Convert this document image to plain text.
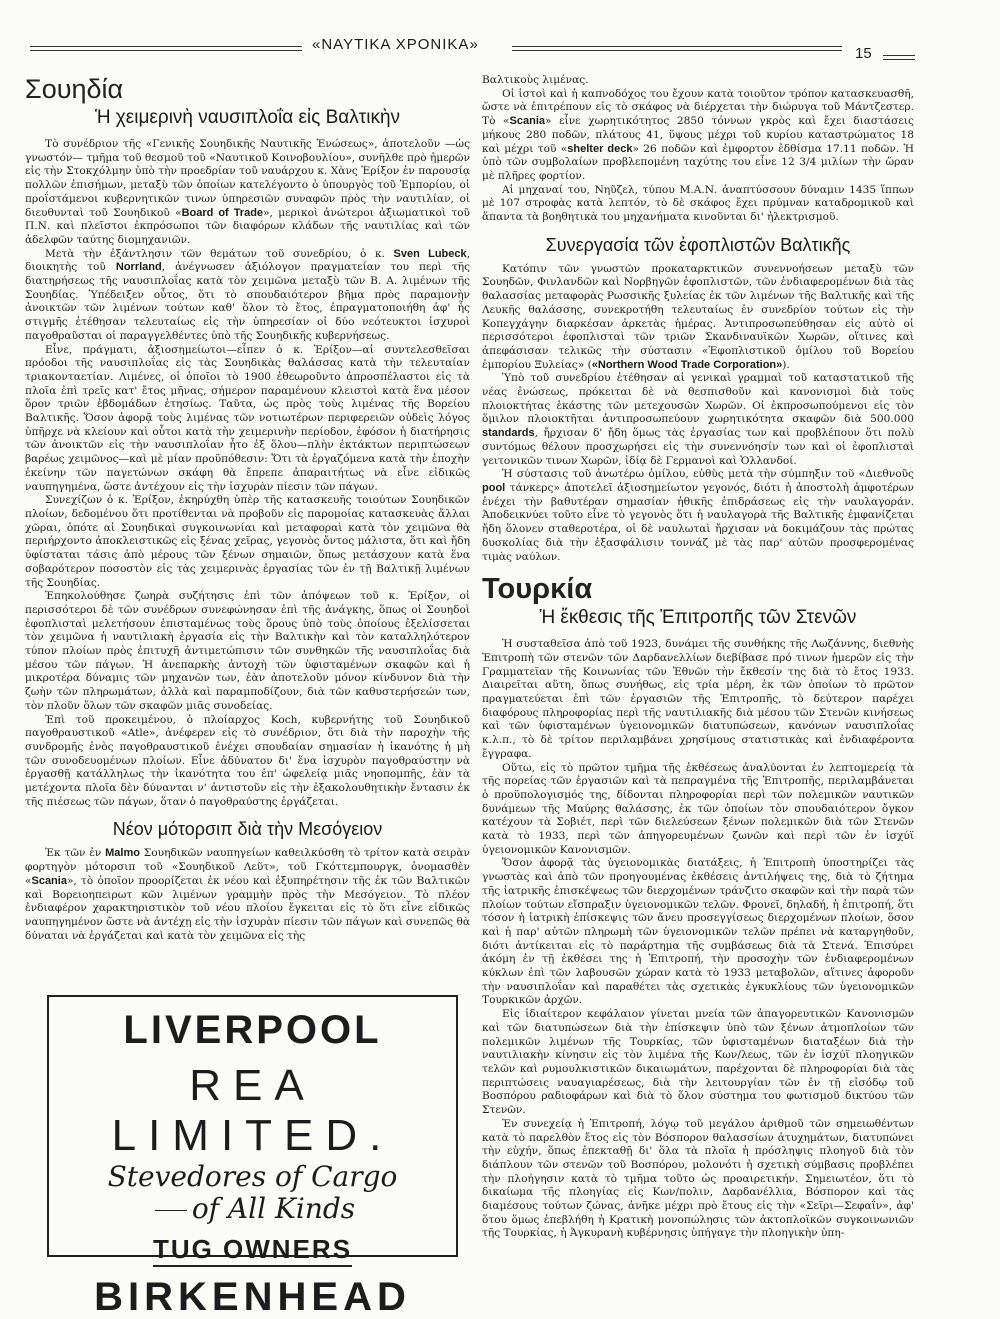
«ΝΑΥΤΙΚΑ ΧΡΟΝΙΚΑ»
15
Σουηδία
Ἡ χειμερινὴ ναυσιπλοΐα εἰς Βαλτικὴν

Τὸ συνέδριον τῆς «Γενικῆς Σουηδικῆς Ναυτικῆς Ἑνώσεως», ἀποτελοῦν —ὡς γνωστόν— τμῆμα τοῦ θεσμοῦ τοῦ «Ναυτικοῦ Κοινοβουλίου», συνῆλθε πρὸ ἡμερῶν εἰς τὴν Στοκχόλμην ὑπὸ τὴν προεδρίαν τοῦ ναυάρχου κ. Χὰνς Ἐρίξον ἐν παρουσίᾳ πολλῶν ἐπισήμων, μεταξὺ τῶν ὁποίων κατελέγοντο ὁ ὑπουργὸς τοῦ Ἐμπορίου, οἱ προΐστάμενοι κυβερνητικῶν τινων ὑπηρεσιῶν συναφῶν πρὸς τὴν ναυτιλίαν, οἱ διευθυνταὶ τοῦ Σουηδικοῦ «Board of Trade», μερικοὶ ἀνώτεροι ἀξιωματικοὶ τοῦ Π.Ν. καὶ πλεῖστοι ἐκπρόσωποι τῶν διαφόρων κλάδων τῆς ναυτιλίας καὶ τῶν ἀδελφῶν ταύτης διομηχανιῶν.

Μετὰ τὴν ἐξάντλησιν τῶν θεμάτων τοῦ συνεδρίου, ὁ κ. Sven Lubeck, διοικητὴς τοῦ Norrland, ἀνέγνωσεν ἀξιόλογον πραγματείαν του περὶ τῆς διατηρήσεως τῆς ναυσιπλοΐας κατὰ τὸν χειμῶνα μεταξὺ τῶν Β. Α. λιμένων τῆς Σουηδίας. Ὑπέδειξεν οὗτος, ὅτι τὸ σπουδαιότερον βῆμα πρὸς παραμονὴν ἀνοικτῶν τῶν λιμένων τούτων καθ' ὅλον τὸ ἔτος, ἐπραγματοποιήθη ἀφ' ἧς στιγμῆς ἐτέθησαν τελευταίως εἰς τὴν ὑπηρεσίαν οἱ δύο νεότευκτοι ἰσχυροὶ παγοθραῦσται οἱ παραγγελθέντες ὑπὸ τῆς Σουηδικῆς κυβερνήσεως.

Εἶνε, πράγματι, ἀξιοσημείωτοι—εἶπεν ὁ κ. Ἐρίξον—αἱ συντελεσθεῖσαι πρόοδοι τῆς ναυσιπλοΐας εἰς τὰς Σουηδικὰς θαλάσσας κατὰ τὴν τελευταίαν τριακονταετίαν. Λιμένες, οἱ ὁποῖοι τὸ 1900 ἐθεωροῦντο ἀπροσπέλαστοι εἰς τὰ πλοῖα ἐπὶ τρεῖς κατ' ἔτος μῆνας, σήμερον παραμένουν κλειστοὶ κατὰ ἕνα μέσον ὅρον τριῶν ἑβδομάδων ἐτησίως. Ταῦτα, ὡς πρὸς τοὺς λιμένας τῆς Βορείου Βαλτικῆς. Ὅσον ἀφορᾷ τοὺς λιμένας τῶν νοτιωτέρων περιφερειῶν οὐδεὶς λόγος ὑπῆρχε νὰ κλείουν καὶ οὗτοι κατὰ τὴν χειμερινὴν περίοδον, ἐφόσον ἡ διατήρησις τῶν ἀνοικτῶν εἰς τὴν ναυσιπλοΐαν ἦτο ἐξ ὅλου—πλὴν ἐκτάκτων περιπτώσεων βαρέως χειμῶνος—καὶ μὲ μίαν προϋπόθεσιν: Ὅτι τὰ ἐργαζόμενα κατὰ τὴν ἐποχὴν ἐκείνην τῶν παγετώνων σκάφη θὰ ἔπρεπε ἀπαραιτήτως νὰ εἶνε εἰδικῶς ναυπηγημένα, ὥστε ἀντέχουν εἰς τὴν ἰσχυρὰν πίεσιν τῶν πάγων.

Συνεχίζων ὁ κ. Ἐρίξον, ἐκηρύχθη ὑπὲρ τῆς κατασκευῆς τοιούτων Σουηδικῶν πλοίων, δεδομένου ὅτι προτίθενται νὰ προβοῦν εἰς παρομοίας κατασκευὰς ἄλλαι χῶραι, ὁπότε αἱ Σουηδικαὶ συγκοινωνίαι καὶ μεταφοραὶ κατὰ τὸν χειμῶνα θὰ περιήρχοντο ἀποκλειστικῶς εἰς ξένας χεῖρας, γεγονὸς ὄντος μάλιστα, ὅτι καὶ ἤδη ὑφίσταται τάσις ἀπὸ μέρους τῶν ξένων σημαιῶν, ὅπως μετάσχουν κατὰ ἕνα σοβαρότερον ποσοστὸν εἰς τὰς χειμερινὰς ἐργασίας τῶν ἐν τῇ Βαλτικῇ λιμένων τῆς Σουηδίας.

Ἐπηκολούθησε ζωηρὰ συζήτησις ἐπὶ τῶν ἀπόψεων τοῦ κ. Ἐρίξον, οἱ περισσότεροι δὲ τῶν συνέδρων συνεφώνησαν ἐπὶ τῆς ἀνάγκης, ὅπως οἱ Σουηδοὶ ἐφοπλισταὶ μελετήσουν ἐπισταμένως τοὺς ὅρους ὑπὸ τοὺς ὁποίους ἐξελίσσεται τὸν χειμῶνα ἡ ναυτιλιακὴ ἐργασία εἰς τὴν Βαλτικὴν καὶ τὸν καταλληλότερον τύπον πλοίων πρὸς ἐπιτυχῆ ἀντιμετώπισιν τῶν συνθηκῶν τῆς ναυσιπλοΐας διὰ μέσου τῶν πάγων. Ἡ ἀνεπαρκὴς ἀντοχὴ τῶν ὑφισταμένων σκαφῶν καὶ ἡ μικροτέρα δύναμις τῶν μηχανῶν των, ἐὰν ἀποτελοῦν μόνον κίνδυνον διὰ τὴν ζωὴν τῶν πληρωμάτων, ἀλλὰ καὶ παραμποδίζουν, διὰ τῶν καθυστερήσεών των, τὸν πλοῦν ὅλων τῶν σκαφῶν μιᾶς συνοδείας.

Ἐπὶ τοῦ προκειμένου, ὁ πλοίαρχος Koch, κυβερνήτης τοῦ Σουηδικοῦ παγοθραυστικοῦ «Atle», ἀνέφερεν εἰς τὸ συνέδριον, ὅτι διὰ τὴν παροχὴν τῆς συνδρομῆς ἑνὸς παγοθραυστικοῦ ἐνέχει σπουδαίαν σημασίαν ἡ ἱκανότης ἡ μὴ τῶν συνοδευομένων πλοίων. Εἶνε ἀδύνατον δι' ἕνα ἰσχυρὸν παγοθραύστην νὰ ἐργασθῇ κατάλληλως τὴν ἱκανότητα του ἐπ' ὠφελείᾳ μιᾶς νηοπομπῆς, ἐὰν τὰ μετέχοντα πλοῖα δὲν δύνανται ν' ἀντιστοῦν εἰς τὴν ἐξακολουθητικὴν ἔντασιν ἐκ τῆς πιέσεως τῶν πάγων, ὅταν ὁ παγοθραύστης ἐργάζεται.

Νέον μότορσιπ διὰ τὴν Μεσόγειον

Ἐκ τῶν ἐν Malmo Σουηδικῶν ναυπηγείων καθειλκύσθη τὸ τρίτον κατὰ σειρὰν φορτηγὸν μότορσιπ τοῦ «Σουηδικοῦ Λεῦτ», τοῦ Γκόττεμπουργκ, ὀνομασθὲν «Scania», τὸ ὁποῖον προορίζεται ἐκ νέου καὶ ἐξυπηρέτησιν τῆς ἐκ τῶν Βαλτικῶν καὶ Βορειοηπειρωτ κῶν λιμένων γραμμὴν πρὸς τὴν Μεσόγειον. Τὸ πλέον ἐνδιαφέρον χαρακτηριστικὸν τοῦ νέου πλοίου ἔγκειται εἰς τὸ ὅτι εἶνε εἰδικῶς ναυπηγημένον ὥστε νὰ ἀντέχῃ εἰς τὴν ἰσχυρὰν πίεσιν τῶν πάγων καὶ συνεπῶς θὰ δύναται νὰ ἐργάζεται καὶ κατὰ τὸν χειμῶνα εἰς τὴς

LIVERPOOL
REA LIMITED.
Stevedores of Cargo
of All Kinds
TUG OWNERS
BIRKENHEAD

Βαλτικοὺς λιμένας.

Οἱ ἱστοὶ καὶ ἡ καπνοδόχος του ἔχουν κατὰ τοιοῦτον τρόπον κατασκευασθῆ, ὥστε νὰ ἐπιτρέπουν εἰς τὸ σκάφος νὰ διέρχεται τὴν διώρυγα τοῦ Μάντζεστερ. Τὸ «Scania» εἶνε χωρητικότητος 2850 τόννων γκρὸς καὶ ἔχει διαστάσεις μήκους 280 ποδῶν, πλάτους 41, ὕψους μέχρι τοῦ κυρίου καταστρώματος 18 καὶ μέχρι τοῦ «shelter deck» 26 ποδῶν καὶ ἐμφορτον ἐδθίσμα 17.11 ποδῶν. Ἡ ὑπὸ τῶν συμβολαίων προβλεπομένη ταχύτης του εἶνε 12 3/4 μιλίων τὴν ὥραν μὲ πλῆρες φορτίον.

Αἱ μηχαναί του, Νηῦζελ, τύπου Μ.Α.Ν. ἀναπτύσσουν δύναμιν 1435 ἵππων μὲ 107 στροφὰς κατὰ λεπτόν, τὸ δὲ σκάφος ἔχει πρύμναν καταδρομικοῦ καὶ ἅπαντα τὰ βοηθητικὰ του μηχανήματα κινοῦνται δι' ἠλεκτρισμοῦ.

Συνεργασία τῶν ἐφοπλιστῶν Βαλτικῆς

Κατόπιν τῶν γνωστῶν προκαταρκτικῶν συνεννοήσεων μεταξὺ τῶν Σουηδῶν, Φινλανδῶν καὶ Νορβηγῶν ἐφοπλιστῶν, τῶν ἐνδιαφερομένων διὰ τὰς θαλασσίας μεταφορὰς Ρωσσικῆς ξυλείας ἐκ τῶν λιμένων τῆς Βαλτικῆς καὶ τῆς Λευκῆς θαλάσσης, συνεκροτήθη τελευταίως ἐν συνεδρίον τούτων εἰς τὴν Κοπεγχάγην διαρκέσαν ἀρκετὰς ἡμέρας. Ἀντιπροσωπεύθησαν εἰς αὐτὸ οἱ περισσότεροι ἐφοπλισταὶ τῶν τριῶν Σκανδιναυϊκῶν Χωρῶν, οἵτινες καὶ ἀπεφάσισαν τελικῶς τὴν σύστασιν «Ἐφοπλιστικοῦ ὁμίλου τοῦ Βορείου ἐμπορίου Ξυλείας» («Northern Wood Trade Corporation»).

Ὑπὸ τοῦ συνεδρίου ἐτέθησαν αἱ γενικαὶ γραμμαὶ τοῦ καταστατικοῦ τῆς νέας ἑνώσεως, πρόκειται δὲ νὰ θεσπισθοῦν καὶ κανονισμοὶ διὰ τοὺς πλοιοκτήτας ἑκάστης τῶν μετεχουσῶν Χωρῶν. Οἱ ἐκπροσωπούμενοι εἰς τὸν ὅμιλον πλοιοκτῆται ἀντιπροσωπεύουν χωρητικότητα σκαφῶν διὰ 500.000 standards, ἤρχισαν δ' ἤδη ὅμως τὰς ἐργασίας των καὶ προβλέπουν ὅτι πολὺ συντόμως θέλουν προσχωρήσει εἰς τὴν συνεννόησίν των καὶ οἱ ἐφοπλισταὶ γειτονικῶν τινων Χωρῶν, ἰδίᾳ δὲ Γερμανοὶ καὶ Ὁλλανδοί.

Ἡ σύστασις τοῦ ἀνωτέρω ὁμίλου, εὐθὺς μετὰ τὴν σύμπηξιν τοῦ «Διεθνοῦς pool τάνκερς» ἀποτελεῖ ἀξιοσημείωτον γεγονός, διότι ἡ ἀποστολὴ ἀμφοτέρων ἐνέχει τὴν βαθυτέραν σημασίαν ἠθικῆς ἐπιδράσεως εἰς τὴν ναυλαγοράν. Ἀποδεικνύει τοῦτο εἶνε τὸ γεγονὸς ὅτι ἡ ναυλαγορὰ τῆς Βαλτικῆς ἐμφανίζεται ἤδη ὅλονεν σταθεροτέρα, οἱ δὲ ναυλωταὶ ἤρχισαν νὰ δοκιμάζουν τὰς πρώτας δυσκολίας διὰ τὴν ἐξασφάλισιν τοννάζ μὲ τὰς παρ' αὐτῶν προσφερομένας τιμὰς ναύλων.

Τουρκία
Ἡ ἔκθεσις τῆς Ἐπιτροπῆς τῶν Στενῶν

Ἡ συσταθεῖσα ἀπὸ τοῦ 1923, δυνάμει τῆς συνθήκης τῆς Λωζάννης, διεθνὴς Ἐπιτροπὴ τῶν στενῶν τῶν Δαρδανελλίων διεβίβασε πρό τινων ἡμερῶν εἰς τὴν Γραμματεῖαν τῆς Κοινωνίας τῶν Ἐθνῶν τὴν ἔκθεσίν της διὰ τὸ ἔτος 1933. Διαιρεῖται αὕτη, ὅπως συνήθως, εἰς τρία μέρη, ἐκ τῶν ὁποίων τὸ πρῶτον πραγματεύεται ἐπὶ τῶν ἐργασιῶν τῆς Ἐπιτροπῆς, τὸ δεύτερον παρέχει διαφόρους πληροφορίας περὶ τῆς ναυτιλιακῆς διὰ μέσου τῶν Στενῶν κινήσεως καὶ τῶν ὑφισταμένων ὑγειονομικῶν διατυπώσεων, κανόνων ναυσιπλοΐας κ.λ.π., τὸ δὲ τρίτον περιλαμβάνει χρησίμους στατιστικὰς καὶ ἐνδιαφέροντα ἔγγραφα.

Οὕτω, εἰς τὸ πρῶτον τμῆμα τῆς ἐκθέσεως ἀναλύονται ἐν λεπτομερείᾳ τὰ τῆς πορείας τῶν ἐργασιῶν καὶ τὰ πεπραγμένα τῆς Ἐπιτροπῆς, περιλαμβάνεται ὁ προϋπολογισμός της, δίδονται πληροφορίαι περὶ τῶν πολεμικῶν ναυτικῶν δυνάμεων τῆς Μαύρης θαλάσσης, ἐκ τῶν ὁποίων τὸν σπουδαιότερον ὄγκον κατέχουν τὰ Σοβιέτ, περὶ τῶν διελεύσεων ξένων πολεμικῶν διὰ τῶν Στενῶν κατὰ τὸ 1933, περὶ τῶν ἀπηγορευμένων ζωνῶν καὶ περὶ τῶν ἐν ἰσχύϊ ὑγειονομικῶν Κανονισμῶν.

Ὅσον ἀφορᾷ τὰς ὑγειονομικὰς διατάξεις, ἡ Ἐπιτροπὴ ὑποστηρίζει τὰς γνωστὰς καὶ ἀπὸ τῶν προηγουμένας ἐκθέσεις ἀντιλήψεις της, διὰ τὸ ζήτημα τῆς ἰατρικῆς ἐπισκέψεως τῶν διερχομένων τράνζιτο σκαφῶν καὶ τὴν παρὰ τῶν πλοίων τούτων εἴσπραξιν ὑγειονομικῶν τελῶν. Φρονεῖ, δηλαδή, ἡ ἐπιτροπή, ὅτι τόσον ἡ ἰατρικὴ ἐπίσκεψις τῶν ἄνευ προσεγγίσεως διερχομένων πλοίων, ὅσον καὶ ἡ παρ' αὐτῶν πληρωμὴ τῶν ὑγειονομικῶν τελῶν πρέπει νὰ καταργηθοῦν, διότι ἀντίκειται εἰς τὸ παράρτημα τῆς συμβάσεως διὰ τὰ Στενά. Ἐπισύρει ἀκόμη ἐν τῇ ἐκθέσει της ἡ Ἐπιτροπή, τὴν προσοχὴν τῶν ἐνδιαφερομένων κύκλων ἐπὶ τῶν λαβουσῶν χώραν κατὰ τὸ 1933 μεταβολῶν, αἵτινες ἀφοροῦν τὴν ναυσιπλοΐαν καὶ παραθέτει τὰς σχετικὰς ἐγκυκλίους τῶν ὑγειονομικῶν Τουρκικῶν ἀρχῶν.

Εἰς ἰδιαίτερον κεφάλαιον γίνεται μνεία τῶν ἀπαγορευτικῶν Κανονισμῶν καὶ τῶν διατυπώσεων διὰ τὴν ἐπίσκεψιν ὑπὸ τῶν ξένων ἀτμοπλοίων τῶν πολεμικῶν λιμένων τῆς Τουρκίας, τῶν ὑφισταμένων διαταξέων διὰ τὴν ναυτιλιακὴν κίνησιν εἰς τὸν λιμένα τῆς Κων/λεως, τῶν ἐν ἰσχύϊ πλοηγικῶν τελῶν καὶ ρυμουλκιστικῶν δικαιωμάτων, παρέχονται δὲ πληροφορίαι διὰ τὰς περιπτώσεις ναυαγιαρέσεως, διὰ τὴν λειτουργίαν τῶν ἐν τῇ εἰσόδῳ τοῦ Βοσπόρου ραδιοφάρων καὶ διὰ τὸ ὅλον σύστημα του φωτισμοῦ δικτύου τῶν Στενῶν.

Ἐν συνεχείᾳ ἡ Ἐπιτροπή, λόγῳ τοῦ μεγάλου ἀριθμοῦ τῶν σημειωθέντων κατὰ τὸ παρελθὸν ἔτος εἰς τὸν Βόσπορον θαλασσίων ἀτυχημάτων, διατυπώνει τὴν εὐχήν, ὅπως ἐπεκταθῇ δι' ὅλα τὰ πλοῖα ἡ πρόσληψις πλοηγοῦ διὰ τὸν διάπλουν τῶν στενῶν τοῦ Βοσπόρου, μολονότι ἡ σχετικὴ σύμβασις προβλέπει τὴν πλοήγησιν κατὰ τὸ τμῆμα τοῦτο ὡς προαιρετικήν. Σημειωτέον, ὅτι τὸ δικαίωμα τῆς πλοηγίας εἰς Κων/πολιν, Δαρδανέλλια, Βόσπορον καὶ τὰς διαμέσους τούτων ζώνας, ἀνῆκε μέχρι πρὸ ἔτους εἰς τὴν «Σεῖρι—Σεφαΐν», ἀφ' ὅτου ὅμως ἐπεβλήθη ἡ Κρατικὴ μονοπώλησις τῶν ἀκτοπλοϊκῶν συγκοινωνιῶν τῆς Τουρκίας, ἡ Ἀγκυρανὴ κυβέρνησις ὑπήγαγε τὴν πλοηγικὴν ὑπη-
